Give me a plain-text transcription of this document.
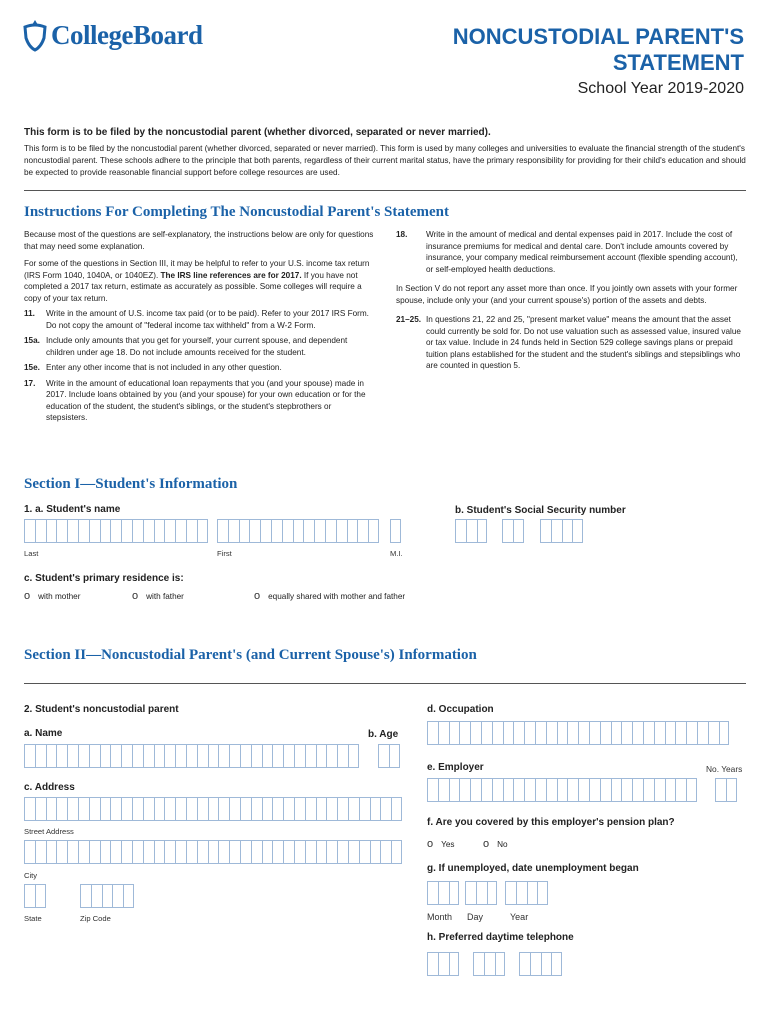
CollegeBoard	NONCUSTODIAL PARENT'S
STATEMENT
School Year 2019-2020
This form is to be filed by the noncustodial parent (whether divorced, separated or never married).
This form is to be filed by the noncustodial parent (whether divorced, separated or never married). This form is used by many colleges and universities to evaluate the financial strength of the student's noncustodial parent. These schools adhere to the principle that both parents, regardless of their current marital status, have the primary responsibility for providing for their child's education and should be expected to provide reasonable financial support before college resources are used.
Instructions For Completing The Noncustodial Parent's Statement

Because most of the questions are self-explanatory, the instructions below are only for questions that may need some explanation.

For some of the questions in Section III, it may be helpful to refer to your U.S. income tax return (IRS Form 1040, 1040A, or 1040EZ). The IRS line references are for 2017. If you have not completed a 2017 tax return, estimate as accurately as possible. Some colleges will require a copy of your tax return.

11.	Write in the amount of U.S. income tax paid (or to be paid). Refer to your 2017 IRS Form. Do not copy the amount of "federal income tax withheld" from a W-2 Form.
15a. Include only amounts that you get for yourself, your current spouse, and dependent children under age 18. Do not include amounts received for the student.
15e. Enter any other income that is not included in any other question.
17.	Write in the amount of educational loan repayments that you (and your spouse) made in 2017. Include loans obtained by you (and your spouse) for your own education or for the education of the student, the student's siblings, or the student's stepbrothers or stepsisters.
18.	Write in the amount of medical and dental expenses paid in 2017. Include the cost of insurance premiums for medical and dental care. Don't include amounts covered by insurance, your company medical reimbursement account (flexible spending account), or self-employed health deductions.

In Section V do not report any asset more than once. If you jointly own assets with your former spouse, include only your (and your current spouse's) portion of the assets and debts.

21–25. In questions 21, 22 and 25, "present market value" means the amount that the asset could currently be sold for. Do not use valuation such as assessed value, insured value or tax value. Include in 24 funds held in Section 529 college savings plans or prepaid tuition plans established for the student and the student's siblings and stepsiblings who are counted in question 5.
Section I—Student's Information
1. a. Student's name	b. Student's Social Security number
Last	First	M.I.
c. Student's primary residence is:
o with mother	o with father	o equally shared with mother and father
Section II—Noncustodial Parent's (and Current Spouse's) Information
2. Student's noncustodial parent
a. Name	b. Age
c. Address
Street Address
City
State	Zip Code
d. Occupation
e. Employer	No. Years
f. Are you covered by this employer's pension plan?
o Yes	o No
g. If unemployed, date unemployment began
Month Day	Year
h. Preferred daytime telephone
